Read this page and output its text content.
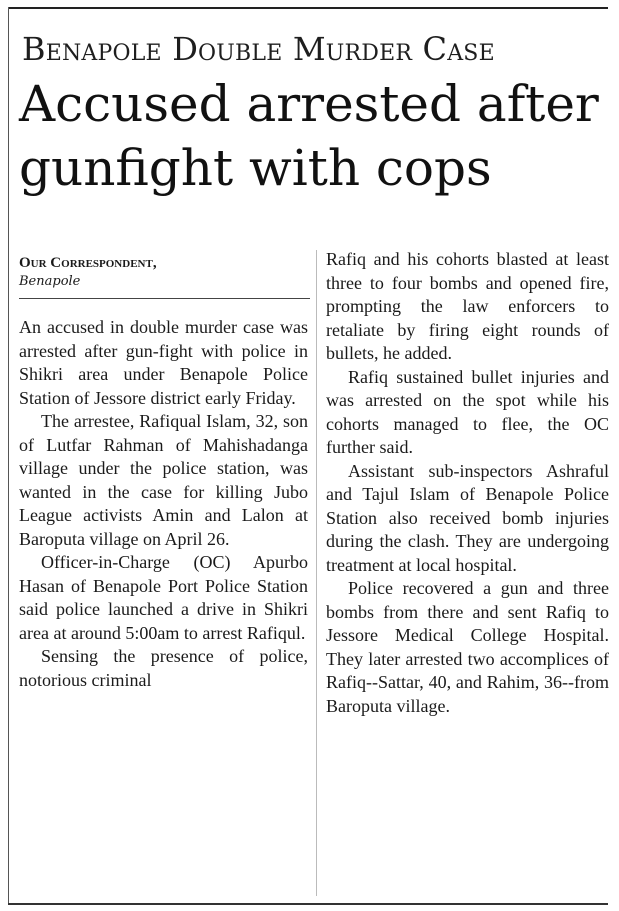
Benapole Double Murder Case
Accused arrested after gunfight with cops
Our Correspondent,
Benapole

An accused in double murder case was arrested after gun-fight with police in Shikri area under Benapole Police Station of Jessore district early Friday.

The arrestee, Rafiqual Islam, 32, son of Lutfar Rahman of Mahishadanga village under the police station, was wanted in the case for killing Jubo League activists Amin and Lalon at Baroputa village on April 26.

Officer-in-Charge (OC) Apurbo Hasan of Benapole Port Police Station said police launched a drive in Shikri area at around 5:00am to arrest Rafiqul.

Sensing the presence of police, notorious criminal

Rafiq and his cohorts blasted at least three to four bombs and opened fire, prompting the law enforcers to retaliate by firing eight rounds of bullets, he added.

Rafiq sustained bullet injuries and was arrested on the spot while his cohorts managed to flee, the OC further said.

Assistant sub-inspectors Ashraful and Tajul Islam of Benapole Police Station also received bomb injuries during the clash. They are undergoing treatment at local hospital.

Police recovered a gun and three bombs from there and sent Rafiq to Jessore Medical College Hospital. They later arrested two accomplices of Rafiq--Sattar, 40, and Rahim, 36--from Baroputa village.
